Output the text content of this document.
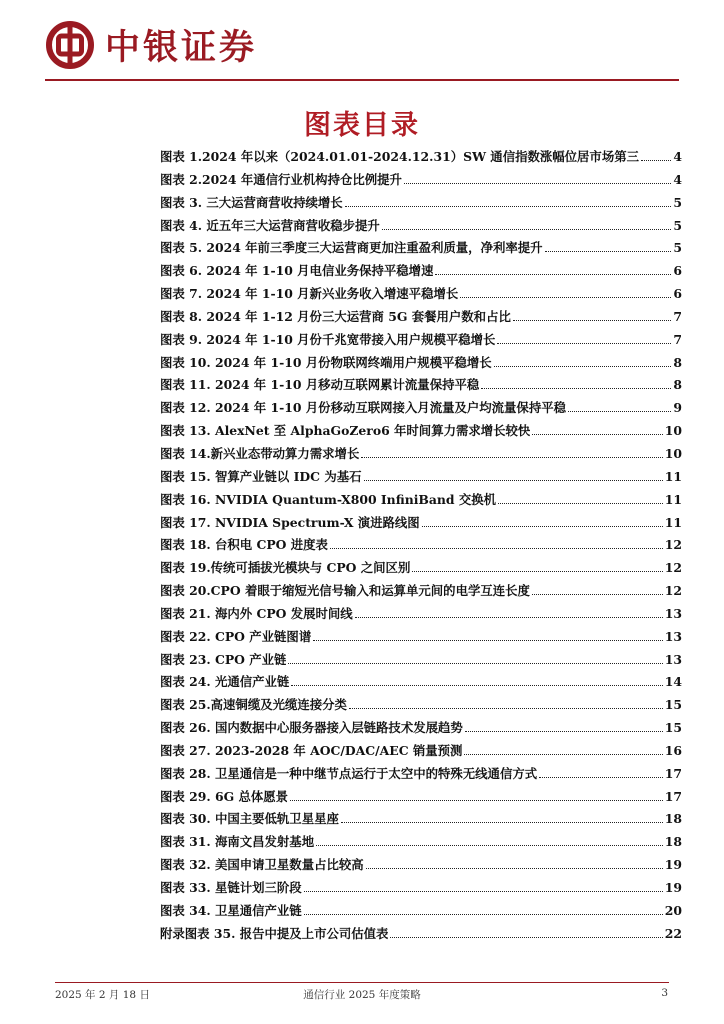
中银证券
图表目录
图表 1.2024 年以来（2024.01.01-2024.12.31）SW 通信指数涨幅位居市场第三	4
图表 2.2024 年通信行业机构持仓比例提升	4
图表 3. 三大运营商营收持续增长	5
图表 4. 近五年三大运营商营收稳步提升	5
图表 5. 2024 年前三季度三大运营商更加注重盈利质量，净利率提升	5
图表 6. 2024 年 1-10 月电信业务保持平稳增速	6
图表 7. 2024 年 1-10 月新兴业务收入增速平稳增长	6
图表 8. 2024 年 1-12 月份三大运营商 5G 套餐用户数和占比	7
图表 9. 2024 年 1-10 月份千兆宽带接入用户规模平稳增长	7
图表 10. 2024 年 1-10 月份物联网终端用户规模平稳增长	8
图表 11. 2024 年 1-10 月移动互联网累计流量保持平稳	8
图表 12. 2024 年 1-10 月份移动互联网接入月流量及户均流量保持平稳	9
图表 13. AlexNet 至 AlphaGoZero6 年时间算力需求增长较快	10
图表 14.新兴业态带动算力需求增长	10
图表 15. 智算产业链以 IDC 为基石	11
图表 16. NVIDIA Quantum-X800 InfiniBand 交换机	11
图表 17. NVIDIA Spectrum-X 演进路线图	11
图表 18. 台积电 CPO 进度表	12
图表 19.传统可插拔光模块与 CPO 之间区别	12
图表 20.CPO 着眼于缩短光信号输入和运算单元间的电学互连长度	12
图表 21. 海内外 CPO 发展时间线	13
图表 22. CPO 产业链图谱	13
图表 23. CPO 产业链	13
图表 24. 光通信产业链	14
图表 25.高速铜缆及光缆连接分类	15
图表 26. 国内数据中心服务器接入层链路技术发展趋势	15
图表 27. 2023-2028 年 AOC/DAC/AEC 销量预测	16
图表 28. 卫星通信是一种中继节点运行于太空中的特殊无线通信方式	17
图表 29. 6G 总体愿景	17
图表 30. 中国主要低轨卫星星座	18
图表 31. 海南文昌发射基地	18
图表 32. 美国申请卫星数量占比较高	19
图表 33. 星链计划三阶段	19
图表 34. 卫星通信产业链	20
附录图表 35. 报告中提及上市公司估值表	22
2025 年 2 月 18 日	通信行业 2025 年度策略	3
